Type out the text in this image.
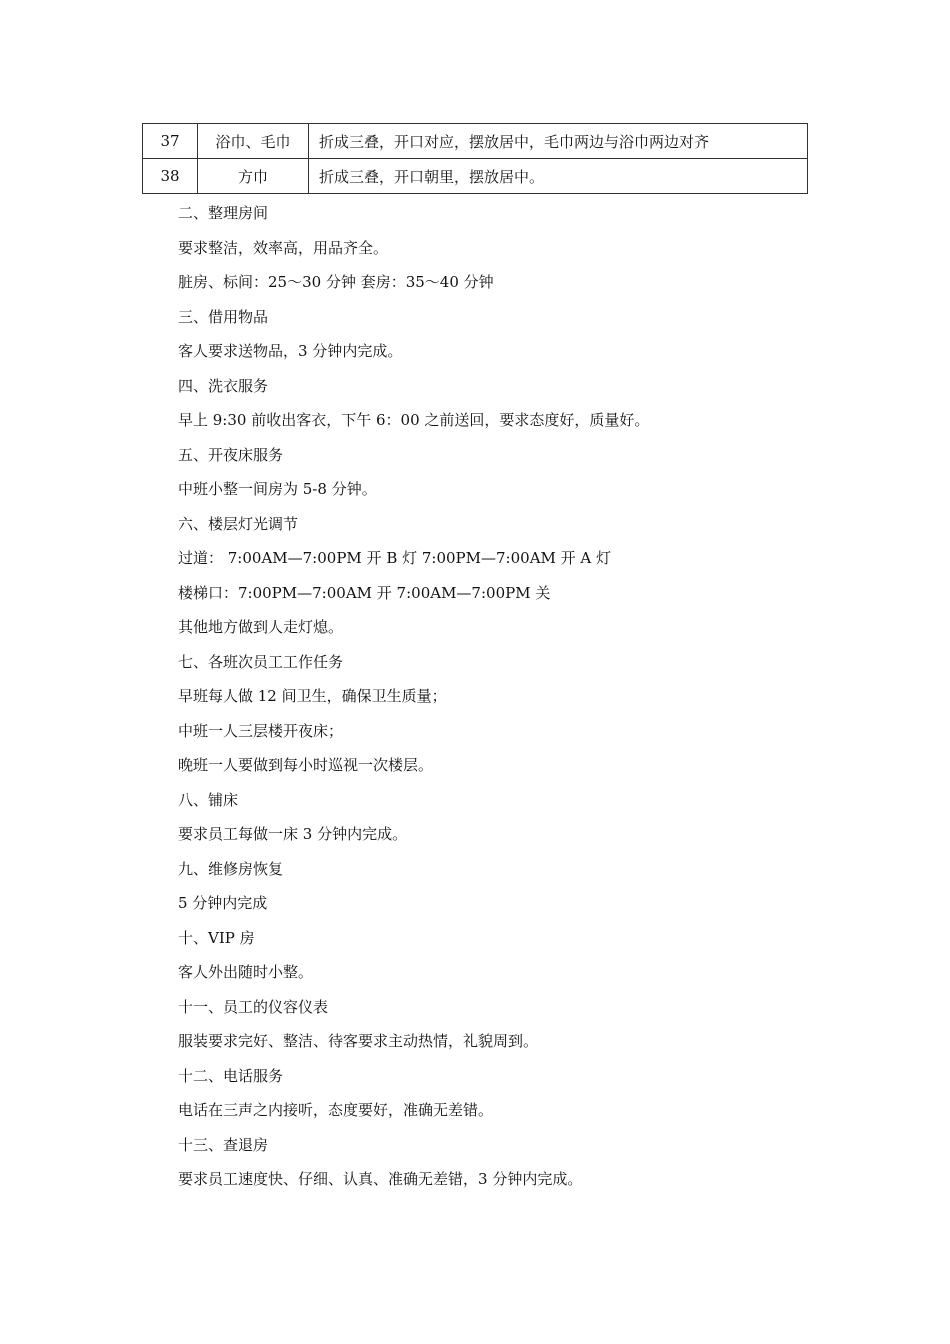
37	浴巾、毛巾	折成三叠，开口对应，摆放居中，毛巾两边与浴巾两边对齐
38	方巾	折成三叠，开口朝里，摆放居中。
二、整理房间
要求整洁，效率高，用品齐全。
脏房、标间：25～30 分钟 套房：35～40 分钟
三、借用物品
客人要求送物品，3 分钟内完成。
四、洗衣服务
早上 9:30 前收出客衣，下午 6：00 之前送回，要求态度好，质量好。
五、开夜床服务
中班小整一间房为 5-8 分钟。
六、楼层灯光调节
过道： 7:00AM—7:00PM 开 B 灯 7:00PM—7:00AM 开 A 灯
楼梯口：7:00PM—7:00AM 开 7:00AM—7:00PM 关
其他地方做到人走灯熄。
七、各班次员工工作任务
早班每人做 12 间卫生，确保卫生质量；
中班一人三层楼开夜床；
晚班一人要做到每小时巡视一次楼层。
八、铺床
要求员工每做一床 3 分钟内完成。
九、维修房恢复
5 分钟内完成
十、VIP 房
客人外出随时小整。
十一、员工的仪容仪表
服装要求完好、整洁、待客要求主动热情，礼貌周到。
十二、电话服务
电话在三声之内接听，态度要好，准确无差错。
十三、查退房
要求员工速度快、仔细、认真、准确无差错，3 分钟内完成。
